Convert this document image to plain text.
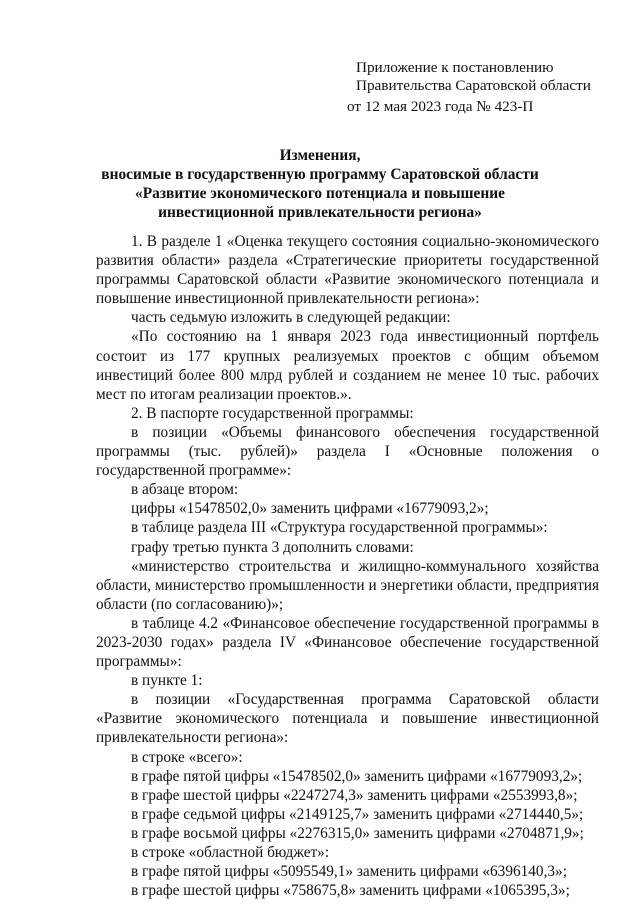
Приложение к постановлению
Правительства Саратовской области
от 12 мая 2023 года № 423-П
Изменения,
вносимые в государственную программу Саратовской области
«Развитие экономического потенциала и повышение
инвестиционной привлекательности региона»

1. В разделе 1 «Оценка текущего состояния социально-экономического развития области» раздела «Стратегические приоритеты государственной программы Саратовской области «Развитие экономического потенциала и повышение инвестиционной привлекательности региона»:

часть седьмую изложить в следующей редакции:

«По состоянию на 1 января 2023 года инвестиционный портфель состоит из 177 крупных реализуемых проектов с общим объемом инвестиций более 800 млрд рублей и созданием не менее 10 тыс. рабочих мест по итогам реализации проектов.».

2. В паспорте государственной программы:

в позиции «Объемы финансового обеспечения государственной программы (тыс. рублей)» раздела I «Основные положения о государственной программе»:

в абзаце втором:

цифры «15478502,0» заменить цифрами «16779093,2»;

в таблице раздела III «Структура государственной программы»:

графу третью пункта 3 дополнить словами:

«министерство строительства и жилищно-коммунального хозяйства области, министерство промышленности и энергетики области, предприятия области (по согласованию)»;

в таблице 4.2 «Финансовое обеспечение государственной программы в 2023-2030 годах» раздела IV «Финансовое обеспечение государственной программы»:

в пункте 1:

в позиции «Государственная программа Саратовской области «Развитие экономического потенциала и повышение инвестиционной привлекательности региона»:

в строке «всего»:

в графе пятой цифры «15478502,0» заменить цифрами «16779093,2»;

в графе шестой цифры «2247274,3» заменить цифрами «2553993,8»;

в графе седьмой цифры «2149125,7» заменить цифрами «2714440,5»;

в графе восьмой цифры «2276315,0» заменить цифрами «2704871,9»;

в строке «областной бюджет»:

в графе пятой цифры «5095549,1» заменить цифрами «6396140,3»;

в графе шестой цифры «758675,8» заменить цифрами «1065395,3»;
